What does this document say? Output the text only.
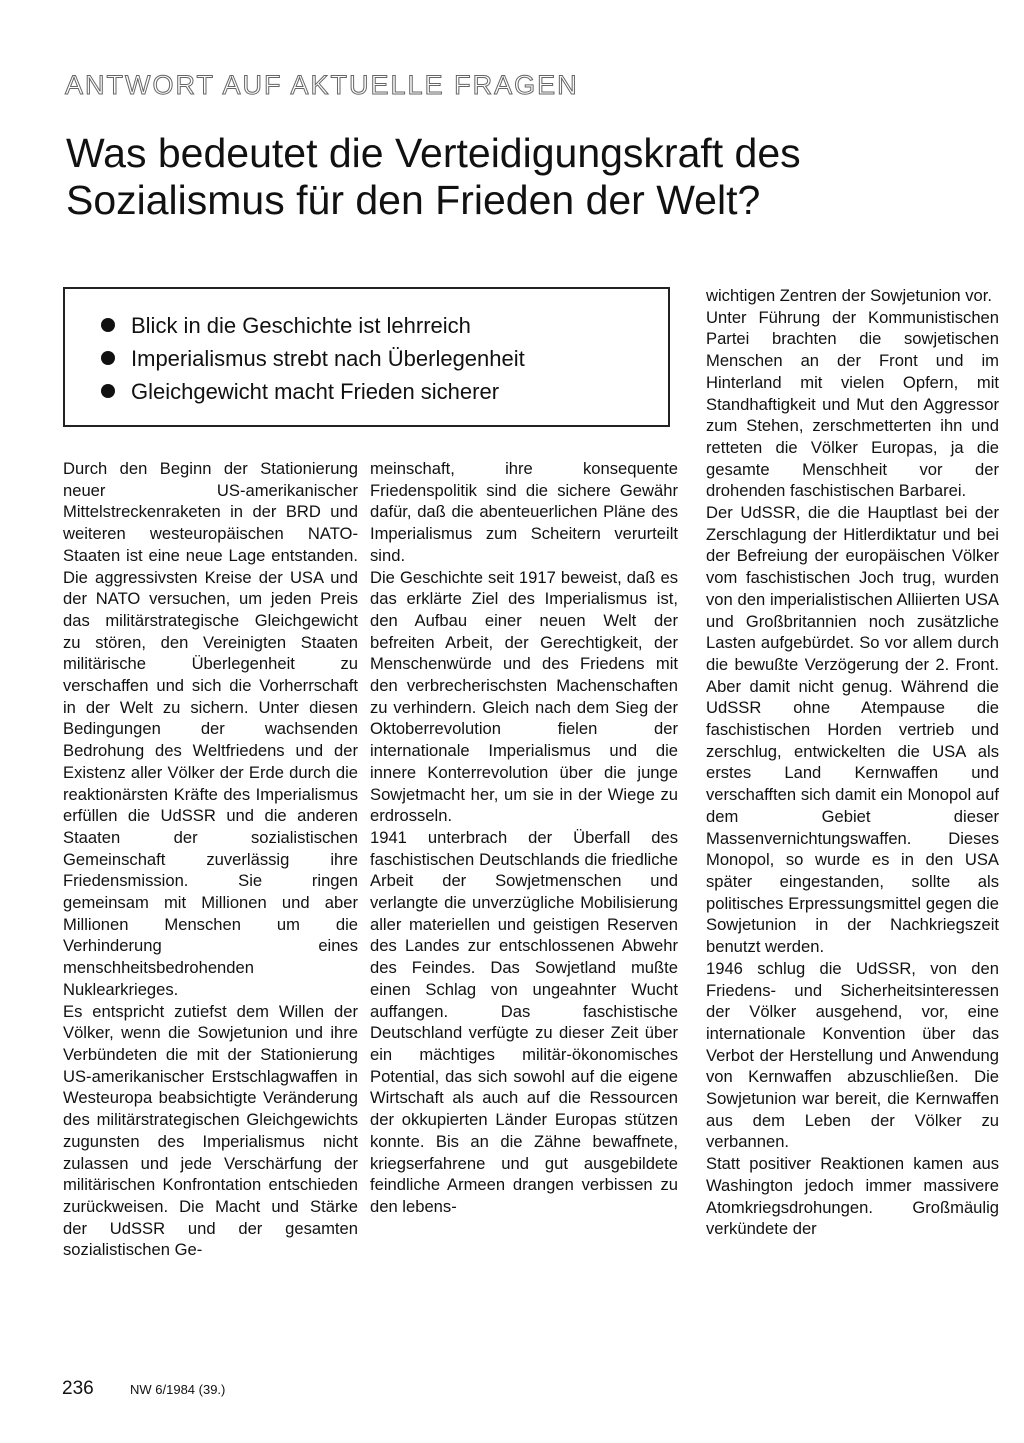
ANTWORT AUF AKTUELLE FRAGEN
Was bedeutet die Verteidigungskraft des Sozialismus für den Frieden der Welt?
Blick in die Geschichte ist lehrreich
Imperialismus strebt nach Überlegenheit
Gleichgewicht macht Frieden sicherer

Durch den Beginn der Stationierung neuer US-amerikanischer Mittelstreckenraketen in der BRD und weiteren westeuropäischen NATO-Staaten ist eine neue Lage entstanden. Die aggressivsten Kreise der USA und der NATO versuchen, um jeden Preis das militärstrategische Gleichgewicht zu stören, den Vereinigten Staaten militärische Überlegenheit zu verschaffen und sich die Vorherrschaft in der Welt zu sichern. Unter diesen Bedingungen der wachsenden Bedrohung des Weltfriedens und der Existenz aller Völker der Erde durch die reaktionärsten Kräfte des Imperialismus erfüllen die UdSSR und die anderen Staaten der sozialistischen Gemeinschaft zuverlässig ihre Friedensmission. Sie ringen gemeinsam mit Millionen und aber Millionen Menschen um die Verhinderung eines menschheitsbedrohenden Nuklearkrieges.

Es entspricht zutiefst dem Willen der Völker, wenn die Sowjetunion und ihre Verbündeten die mit der Stationierung US-amerikanischer Erstschlagwaffen in Westeuropa beabsichtigte Veränderung des militärstrategischen Gleichgewichts zugunsten des Imperialismus nicht zulassen und jede Verschärfung der militärischen Konfrontation entschieden zurückweisen. Die Macht und Stärke der UdSSR und der gesamten sozialistischen Ge-

meinschaft, ihre konsequente Friedenspolitik sind die sichere Gewähr dafür, daß die abenteuerlichen Pläne des Imperialismus zum Scheitern verurteilt sind.

Die Geschichte seit 1917 beweist, daß es das erklärte Ziel des Imperialismus ist, den Aufbau einer neuen Welt der befreiten Arbeit, der Gerechtigkeit, der Menschenwürde und des Friedens mit den verbrecherischsten Machenschaften zu verhindern. Gleich nach dem Sieg der Oktoberrevolution fielen der internationale Imperialismus und die innere Konterrevolution über die junge Sowjetmacht her, um sie in der Wiege zu erdrosseln.

1941 unterbrach der Überfall des faschistischen Deutschlands die friedliche Arbeit der Sowjetmenschen und verlangte die unverzügliche Mobilisierung aller materiellen und geistigen Reserven des Landes zur entschlossenen Abwehr des Feindes. Das Sowjetland mußte einen Schlag von ungeahnter Wucht auffangen. Das faschistische Deutschland verfügte zu dieser Zeit über ein mächtiges militär-ökonomisches Potential, das sich sowohl auf die eigene Wirtschaft als auch auf die Ressourcen der okkupierten Länder Europas stützen konnte. Bis an die Zähne bewaffnete, kriegserfahrene und gut ausgebildete feindliche Armeen drangen verbissen zu den lebens-

wichtigen Zentren der Sowjetunion vor.

Unter Führung der Kommunistischen Partei brachten die sowjetischen Menschen an der Front und im Hinterland mit vielen Opfern, mit Standhaftigkeit und Mut den Aggressor zum Stehen, zerschmetterten ihn und retteten die Völker Europas, ja die gesamte Menschheit vor der drohenden faschistischen Barbarei.

Der UdSSR, die die Hauptlast bei der Zerschlagung der Hitlerdiktatur und bei der Befreiung der europäischen Völker vom faschistischen Joch trug, wurden von den imperialistischen Alliierten USA und Großbritannien noch zusätzliche Lasten aufgebürdet. So vor allem durch die bewußte Verzögerung der 2. Front. Aber damit nicht genug. Während die UdSSR ohne Atempause die faschistischen Horden vertrieb und zerschlug, entwickelten die USA als erstes Land Kernwaffen und verschafften sich damit ein Monopol auf dem Gebiet dieser Massenvernichtungswaffen. Dieses Monopol, so wurde es in den USA später eingestanden, sollte als politisches Erpressungsmittel gegen die Sowjetunion in der Nachkriegszeit benutzt werden.

1946 schlug die UdSSR, von den Friedens- und Sicherheitsinteressen der Völker ausgehend, vor, eine internationale Konvention über das Verbot der Herstellung und Anwendung von Kernwaffen abzuschließen. Die Sowjetunion war bereit, die Kernwaffen aus dem Leben der Völker zu verbannen.

Statt positiver Reaktionen kamen aus Washington jedoch immer massivere Atomkriegsdrohungen. Großmäulig verkündete der

236	NW 6/1984 (39.)
